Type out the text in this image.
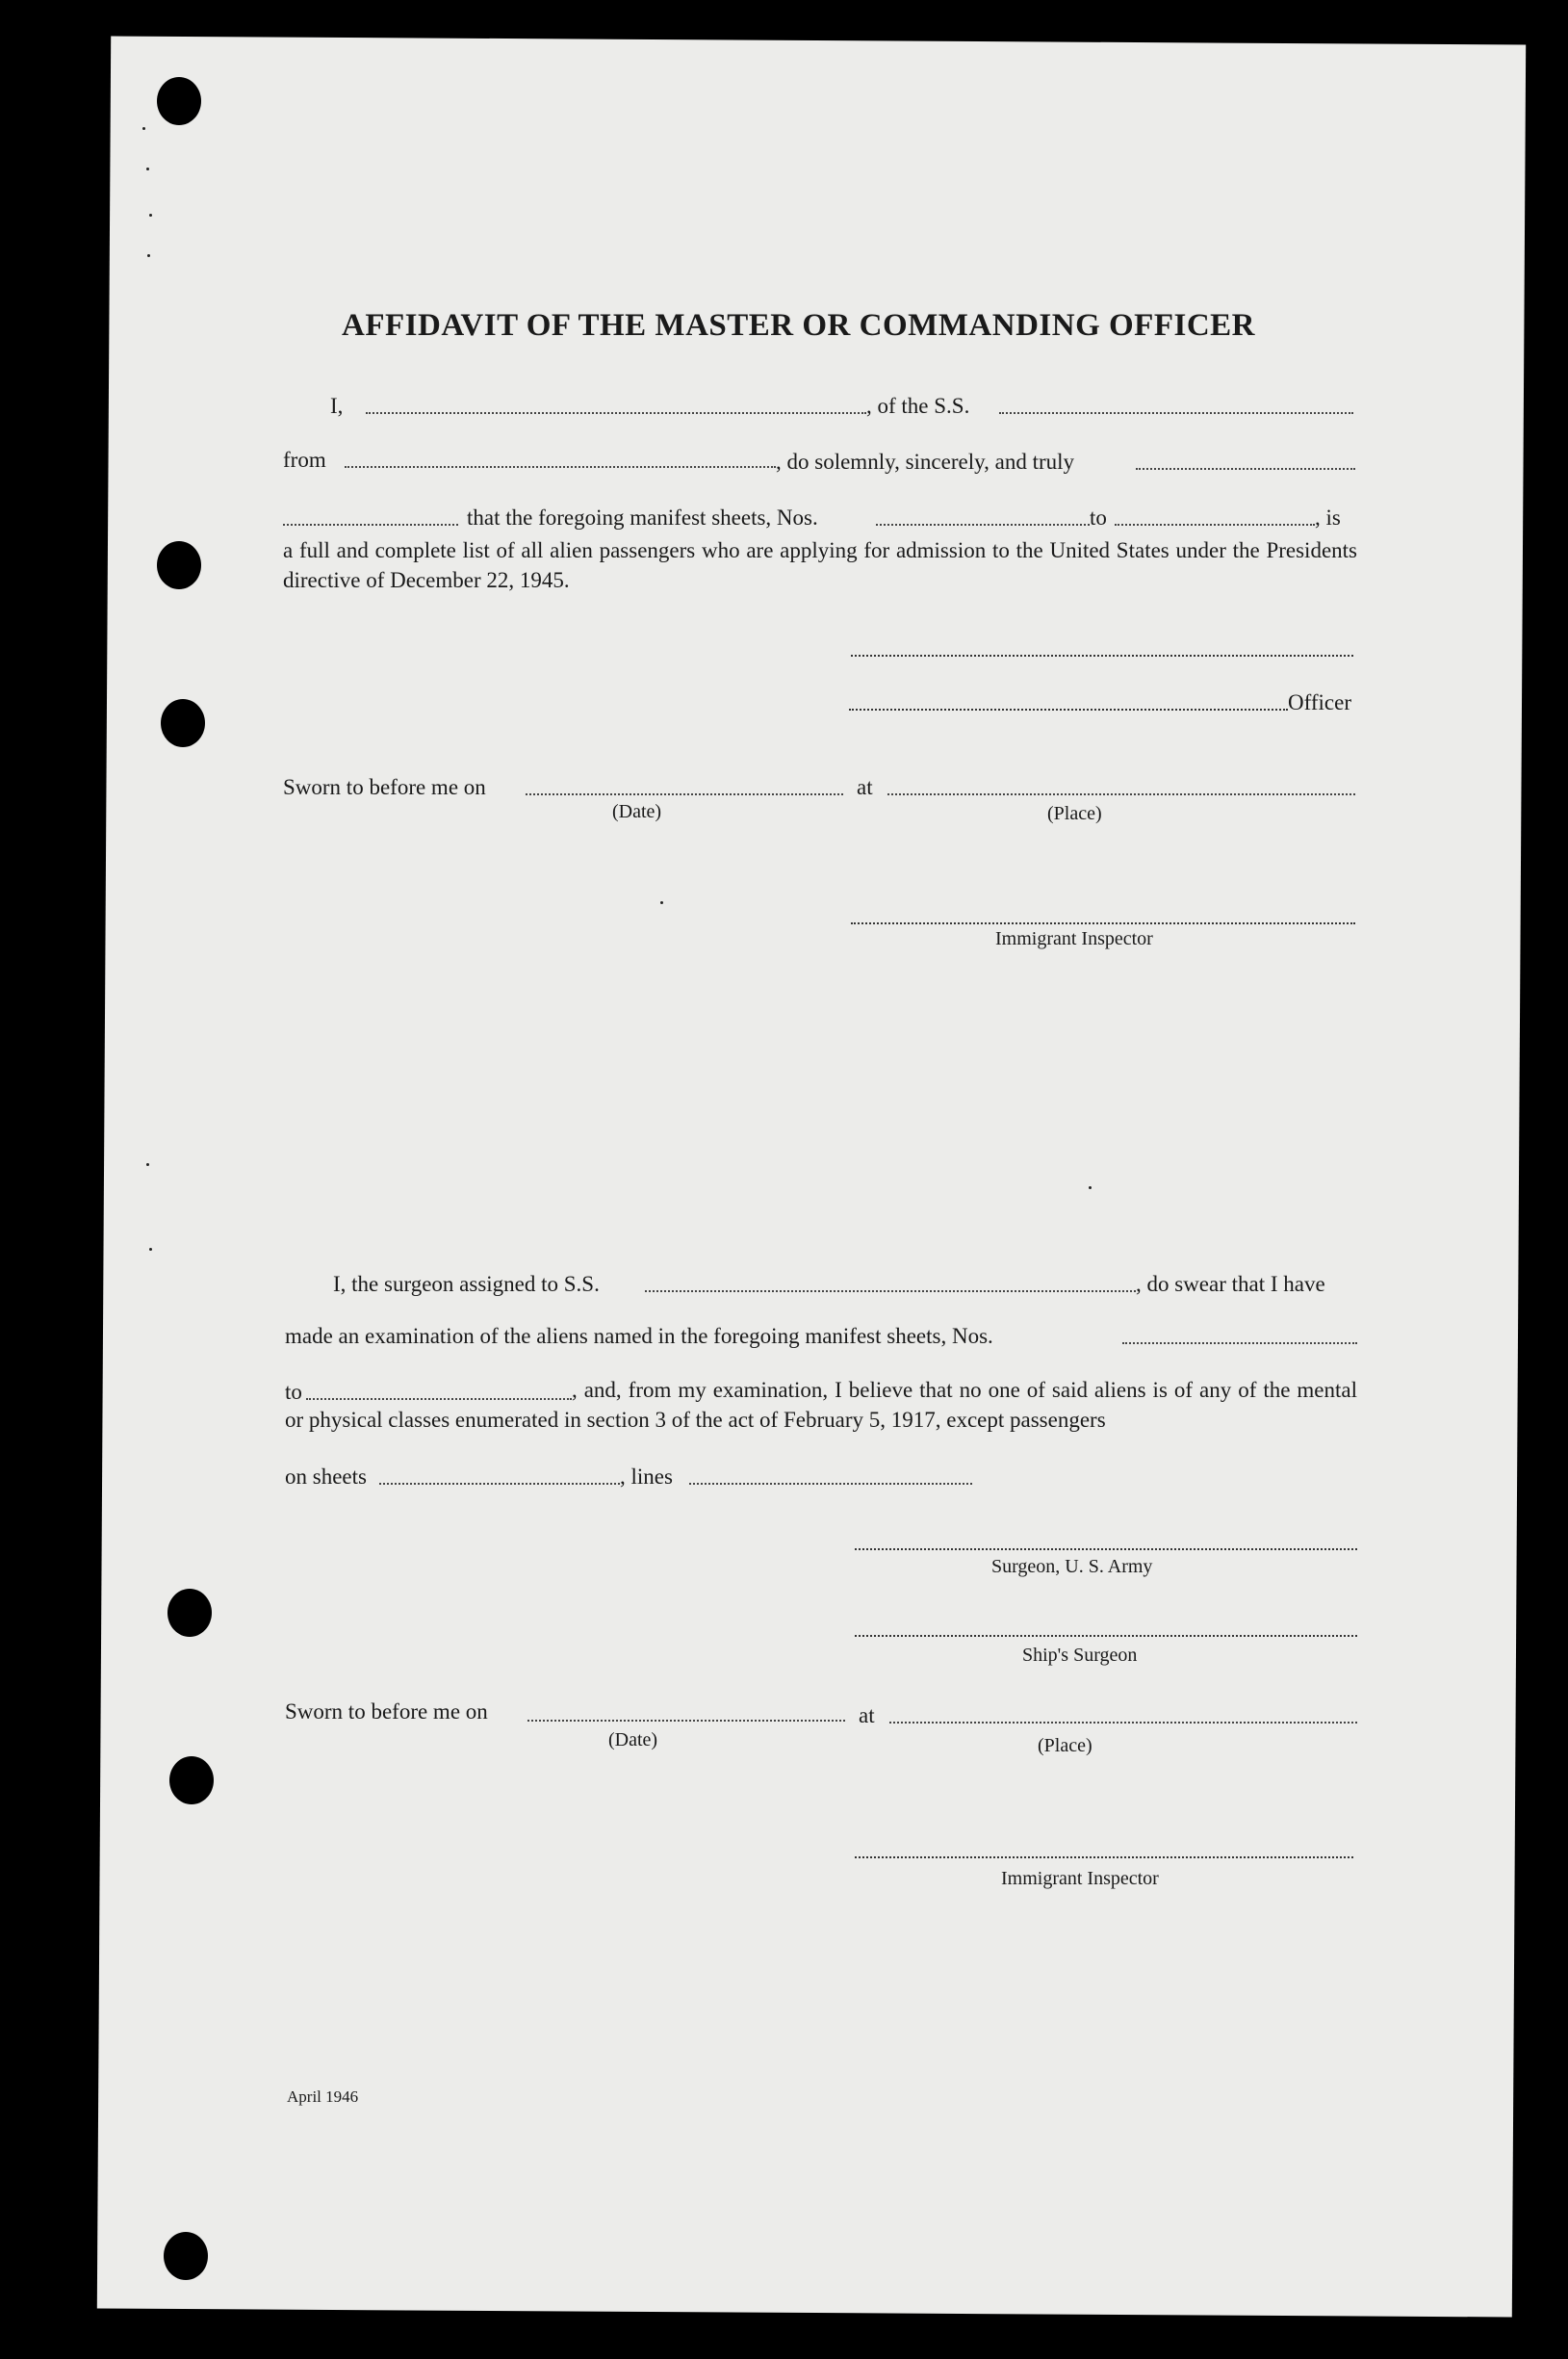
AFFIDAVIT OF THE MASTER OR COMMANDING OFFICER
I,	, of the S.S.
from	, do solemnly, sincerely, and truly
that the foregoing manifest sheets, Nos.	to	, is
a full and complete list of all alien passengers who are applying for admission to the United States under the Presidents directive of December 22, 1945.
Officer
Sworn to before me on	at
(Date)	(Place)
Immigrant Inspector
I, the surgeon assigned to S.S.	, do swear that I have
made an examination of the aliens named in the foregoing manifest sheets, Nos.
to	, and, from my examination, I believe that no one of said aliens is of any of the mental or physical classes enumerated in section 3 of the act of February 5, 1917, except passengers
on sheets	, lines
Surgeon, U. S. Army
Ship's Surgeon
Sworn to before me on	at
(Date)	(Place)
Immigrant Inspector
April 1946
